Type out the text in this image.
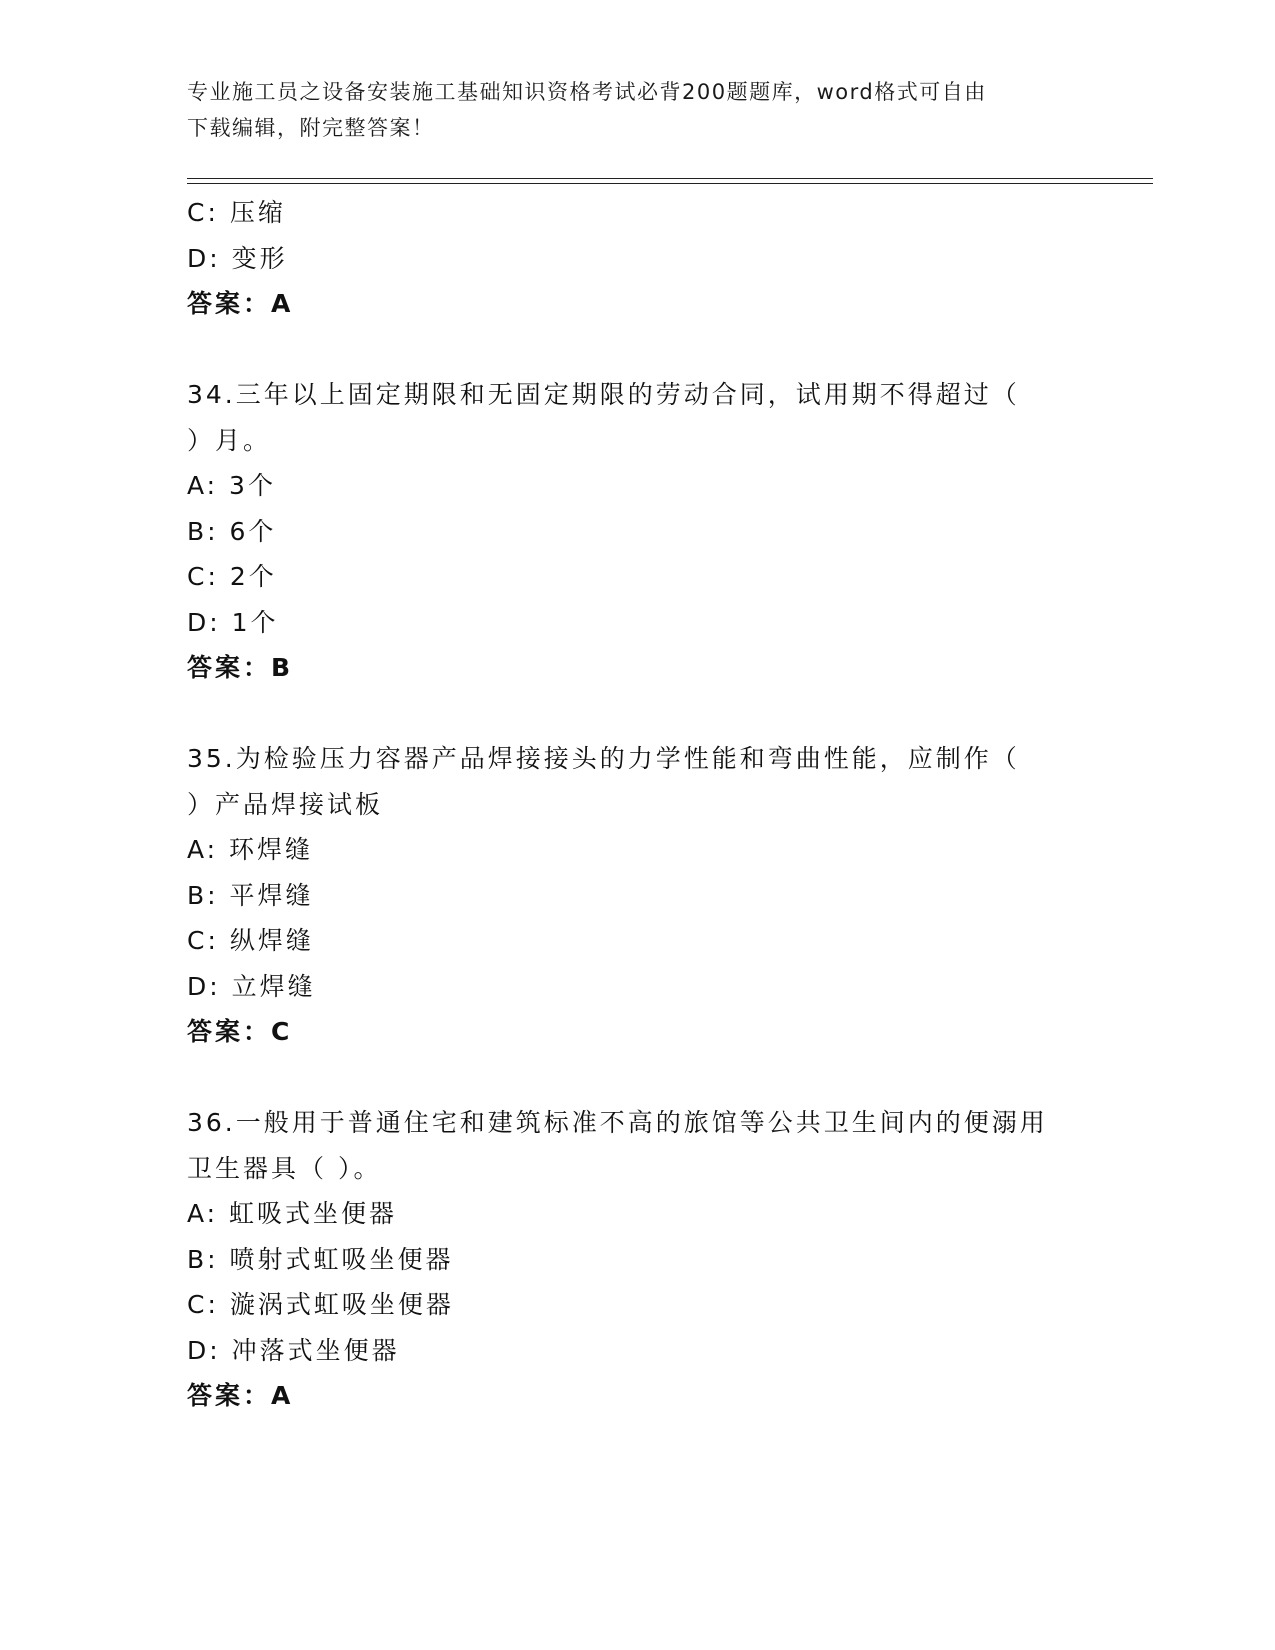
专业施工员之设备安装施工基础知识资格考试必背200题题库，word格式可自由
下载编辑，附完整答案！
C: 压缩
D: 变形
答案：A
34.三年以上固定期限和无固定期限的劳动合同，试用期不得超过（
）月。
A: 3个
B: 6个
C: 2个
D: 1个
答案：B
35.为检验压力容器产品焊接接头的力学性能和弯曲性能，应制作（
）产品焊接试板
A: 环焊缝
B: 平焊缝
C: 纵焊缝
D: 立焊缝
答案：C
36.一般用于普通住宅和建筑标准不高的旅馆等公共卫生间内的便溺用
卫生器具（ ）。
A: 虹吸式坐便器
B: 喷射式虹吸坐便器
C: 漩涡式虹吸坐便器
D: 冲落式坐便器
答案：A
